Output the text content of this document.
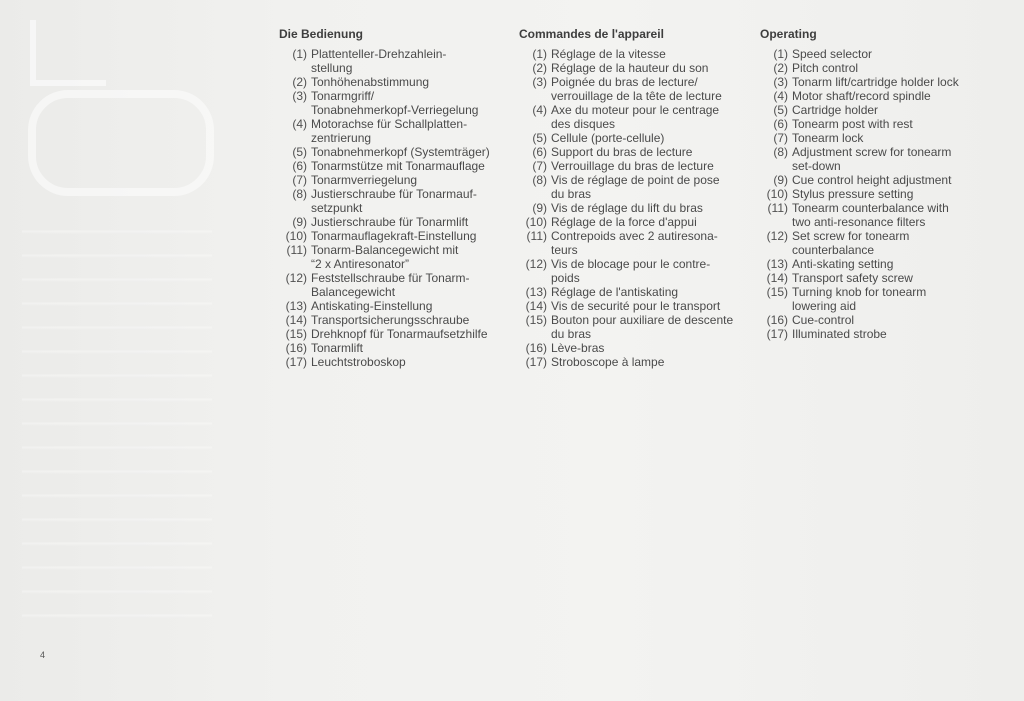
Die Bedienung
(1) Plattenteller-Drehzahlein-
stellung
(2) Tonhöhenabstimmung
(3) Tonarmgriff/
Tonabnehmerkopf-Verriegelung
(4) Motorachse für Schallplatten-
zentrierung
(5) Tonabnehmerkopf (Systemträger)
(6) Tonarmstütze mit Tonarmauflage
(7) Tonarmverriegelung
(8) Justierschraube für Tonarmauf-
setzpunkt
(9) Justierschraube für Tonarmlift
(10) Tonarmauflagekraft-Einstellung
(11) Tonarm-Balancegewicht mit
“2 x Antiresonator”
(12) Feststellschraube für Tonarm-
Balancegewicht
(13) Antiskating-Einstellung
(14) Transportsicherungsschraube
(15) Drehknopf für Tonarmaufsetzhilfe
(16) Tonarmlift
(17) Leuchtstroboskop
Commandes de l'appareil
(1) Réglage de la vitesse
(2) Réglage de la hauteur du son
(3) Poignée du bras de lecture/
verrouillage de la tête de lecture
(4) Axe du moteur pour le centrage
des disques
(5) Cellule (porte-cellule)
(6) Support du bras de lecture
(7) Verrouillage du bras de lecture
(8) Vis de réglage de point de pose
du bras
(9) Vis de réglage du lift du bras
(10) Réglage de la force d'appui
(11) Contrepoids avec 2 autiresona-
teurs
(12) Vis de blocage pour le contre-
poids
(13) Réglage de l'antiskating
(14) Vis de securité pour le transport
(15) Bouton pour auxiliare de descente
du bras
(16) Lève-bras
(17) Stroboscope à lampe
Operating
(1) Speed selector
(2) Pitch control
(3) Tonarm lift/cartridge holder lock
(4) Motor shaft/record spindle
(5) Cartridge holder
(6) Tonearm post with rest
(7) Tonearm lock
(8) Adjustment screw for tonearm
set-down
(9) Cue control height adjustment
(10) Stylus pressure setting
(11) Tonearm counterbalance with
two anti-resonance filters
(12) Set screw for tonearm
counterbalance
(13) Anti-skating setting
(14) Transport safety screw
(15) Turning knob for tonearm
lowering aid
(16) Cue-control
(17) Illuminated strobe
4
